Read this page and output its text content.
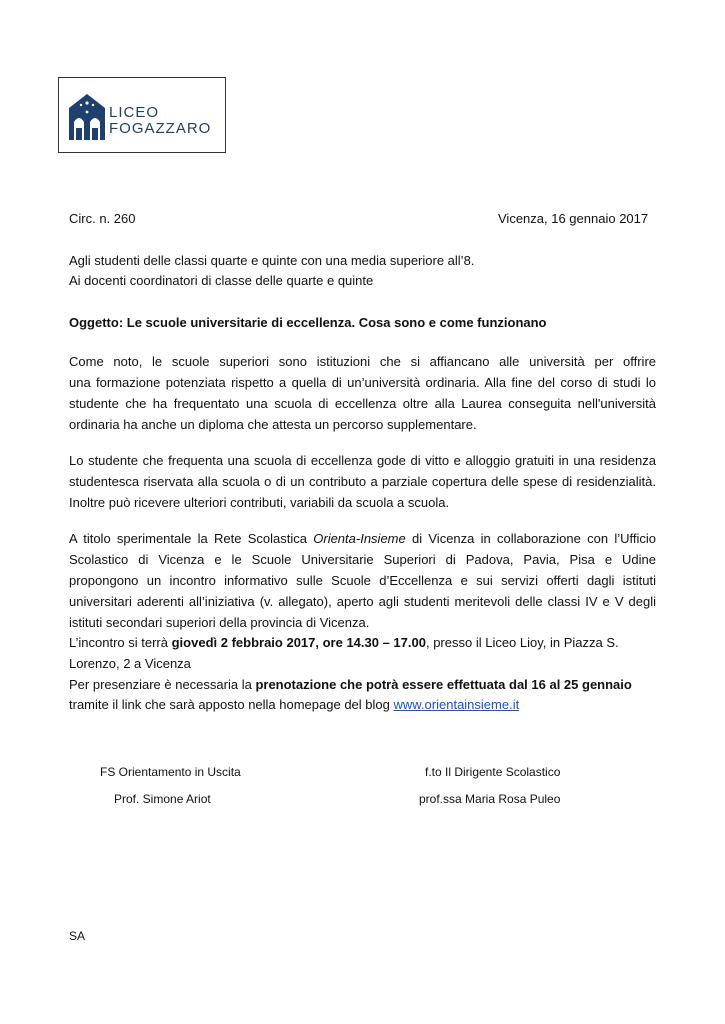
LICEO
FOGAZZARO
Circ. n. 260	Vicenza, 16 gennaio 2017
Agli studenti delle classi quarte e quinte con una media superiore all’8.
Ai docenti coordinatori di classe delle quarte e quinte
Oggetto: Le scuole universitarie di eccellenza. Cosa sono e come funzionano
Come noto, le scuole superiori sono istituzioni che si affiancano alle università per offrire
una formazione potenziata rispetto a quella di un’università ordinaria. Alla fine del corso di studi lo
studente che ha frequentato una scuola di eccellenza oltre alla Laurea conseguita nell'università
ordinaria ha anche un diploma che attesta un percorso supplementare.
Lo studente che frequenta una scuola di eccellenza gode di vitto e alloggio gratuiti in una residenza
studentesca riservata alla scuola o di un contributo a parziale copertura delle spese di residenzialità.
Inoltre può ricevere ulteriori contributi, variabili da scuola a scuola.
A titolo sperimentale la Rete Scolastica Orienta-Insieme di Vicenza in collaborazione con l’Ufficio
Scolastico di Vicenza e le Scuole Universitarie Superiori di Padova, Pavia, Pisa e Udine
propongono un incontro informativo sulle Scuole d’Eccellenza e sui servizi offerti dagli istituti
universitari aderenti all’iniziativa (v. allegato), aperto agli studenti meritevoli delle classi IV e V degli
istituti secondari superiori della provincia di Vicenza.
L’incontro si terrà giovedì 2 febbraio 2017, ore 14.30 – 17.00, presso il Liceo Lioy, in Piazza S.
Lorenzo, 2 a Vicenza
Per presenziare è necessaria la prenotazione che potrà essere effettuata dal 16 al 25 gennaio
tramite il link che sarà apposto nella homepage del blog www.orientainsieme.it
FS Orientamento in Uscita
Prof. Simone Ariot
f.to Il Dirigente Scolastico
prof.ssa Maria Rosa Puleo
SA
